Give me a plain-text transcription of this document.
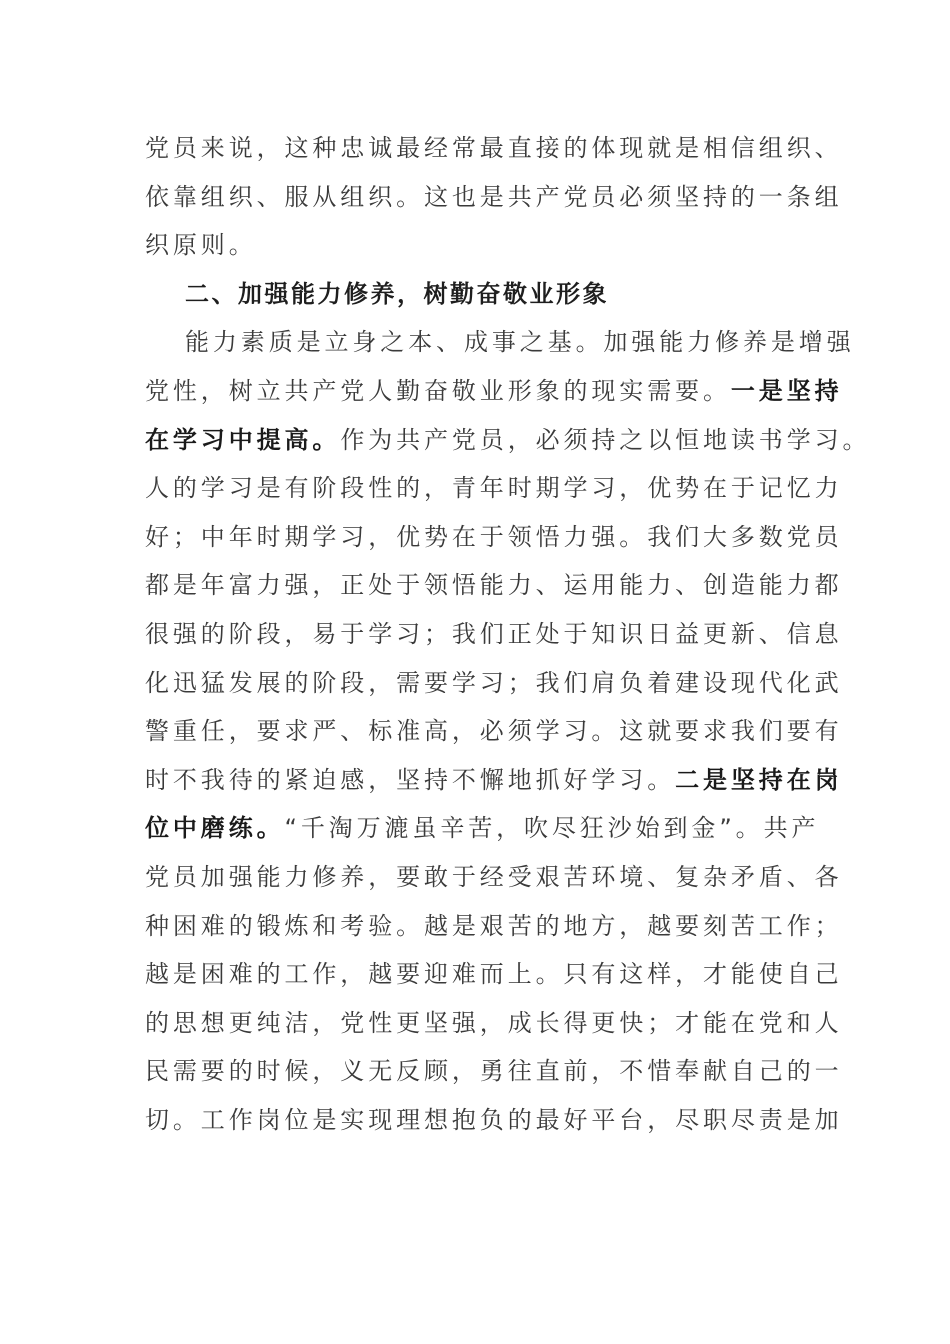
党员来说，这种忠诚最经常最直接的体现就是相信组织、
依靠组织、服从组织。这也是共产党员必须坚持的一条组
织原则。
二、加强能力修养，树勤奋敬业形象
能力素质是立身之本、成事之基。加强能力修养是增强
党性，树立共产党人勤奋敬业形象的现实需要。一是坚持
在学习中提高。作为共产党员，必须持之以恒地读书学习。
人的学习是有阶段性的，青年时期学习，优势在于记忆力
好；中年时期学习，优势在于领悟力强。我们大多数党员
都是年富力强，正处于领悟能力、运用能力、创造能力都
很强的阶段，易于学习；我们正处于知识日益更新、信息
化迅猛发展的阶段，需要学习；我们肩负着建设现代化武
警重任，要求严、标准高，必须学习。这就要求我们要有
时不我待的紧迫感，坚持不懈地抓好学习。二是坚持在岗
位中磨练。“千淘万漉虽辛苦，吹尽狂沙始到金”。共产
党员加强能力修养，要敢于经受艰苦环境、复杂矛盾、各
种困难的锻炼和考验。越是艰苦的地方，越要刻苦工作；
越是困难的工作，越要迎难而上。只有这样，才能使自己
的思想更纯洁，党性更坚强，成长得更快；才能在党和人
民需要的时候，义无反顾，勇往直前，不惜奉献自己的一
切。工作岗位是实现理想抱负的最好平台，尽职尽责是加
